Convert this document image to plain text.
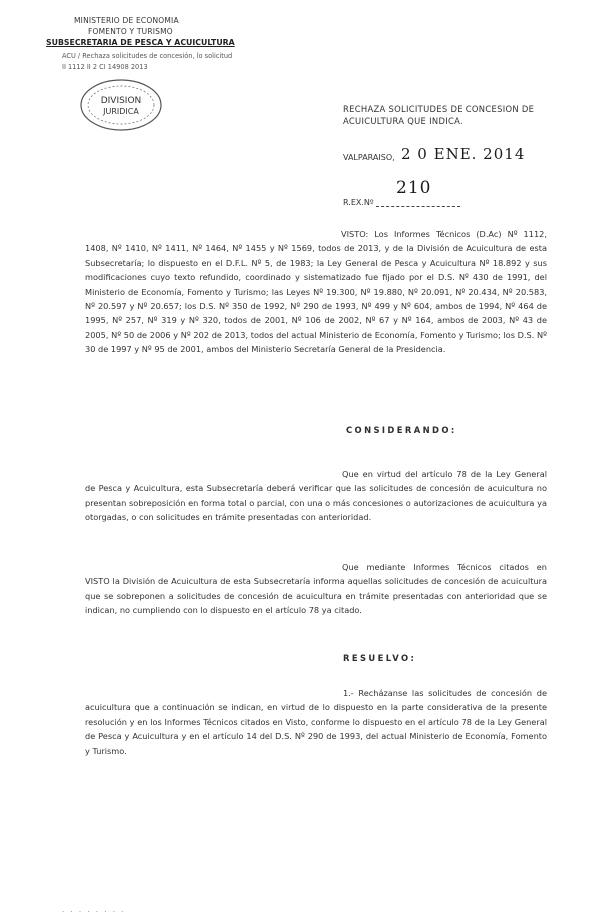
MINISTERIO DE ECONOMIA
FOMENTO Y TURISMO
SUBSECRETARIA DE PESCA Y ACUICULTURA
ACU / Rechaza solicitudes de concesión, lo solicitud
II 1112 II 2 CI 14908 2013
DIVISION
JURIDICA	RECHAZA SOLICITUDES DE CONCESION DE ACUICULTURA QUE INDICA.
VALPARAISO, 2 0 ENE. 2014
210
R.EX.Nº

VISTO: Los Informes Técnicos (D.Ac) Nº 1112, 1408, Nº 1410, Nº 1411, Nº 1464, Nº 1455 y Nº 1569, todos de 2013, y de la División de Acuicultura de esta Subsecretaría; lo dispuesto en el D.F.L. Nº 5, de 1983; la Ley General de Pesca y Acuicultura Nº 18.892 y sus modificaciones cuyo texto refundido, coordinado y sistematizado fue fijado por el D.S. Nº 430 de 1991, del Ministerio de Economía, Fomento y Turismo; las Leyes Nº 19.300, Nº 19.880, Nº 20.091, Nº 20.434, Nº 20.583, Nº 20.597 y Nº 20.657; los D.S. Nº 350 de 1992, Nº 290 de 1993, Nº 499 y Nº 604, ambos de 1994, Nº 464 de 1995, Nº 257, Nº 319 y Nº 320, todos de 2001, Nº 106 de 2002, Nº 67 y Nº 164, ambos de 2003, Nº 43 de 2005, Nº 50 de 2006 y Nº 202 de 2013, todos del actual Ministerio de Economía, Fomento y Turismo; los D.S. Nº 30 de 1997 y Nº 95 de 2001, ambos del Ministerio Secretaría General de la Presidencia.

CONSIDERANDO:

Que en virtud del artículo 78 de la Ley General de Pesca y Acuicultura, esta Subsecretaría deberá verificar que las solicitudes de concesión de acuicultura no presentan sobreposición en forma total o parcial, con una o más concesiones o autorizaciones de acuicultura ya otorgadas, o con solicitudes en trámite presentadas con anterioridad.

Que mediante Informes Técnicos citados en VISTO la División de Acuicultura de esta Subsecretaría informa aquellas solicitudes de concesión de acuicultura que se sobreponen a solicitudes de concesión de acuicultura en trámite presentadas con anterioridad que se indican, no cumpliendo con lo dispuesto en el artículo 78 ya citado.

RESUELVO:

1.- Recházanse las solicitudes de concesión de acuicultura que a continuación se indican, en virtud de lo dispuesto en la parte considerativa de la presente resolución y en los Informes Técnicos citados en Visto, conforme lo dispuesto en el artículo 78 de la Ley General de Pesca y Acuicultura y en el artículo 14 del D.S. Nº 290 de 1993, del actual Ministerio de Economía, Fomento y Turismo.

· · · · · · · ·
